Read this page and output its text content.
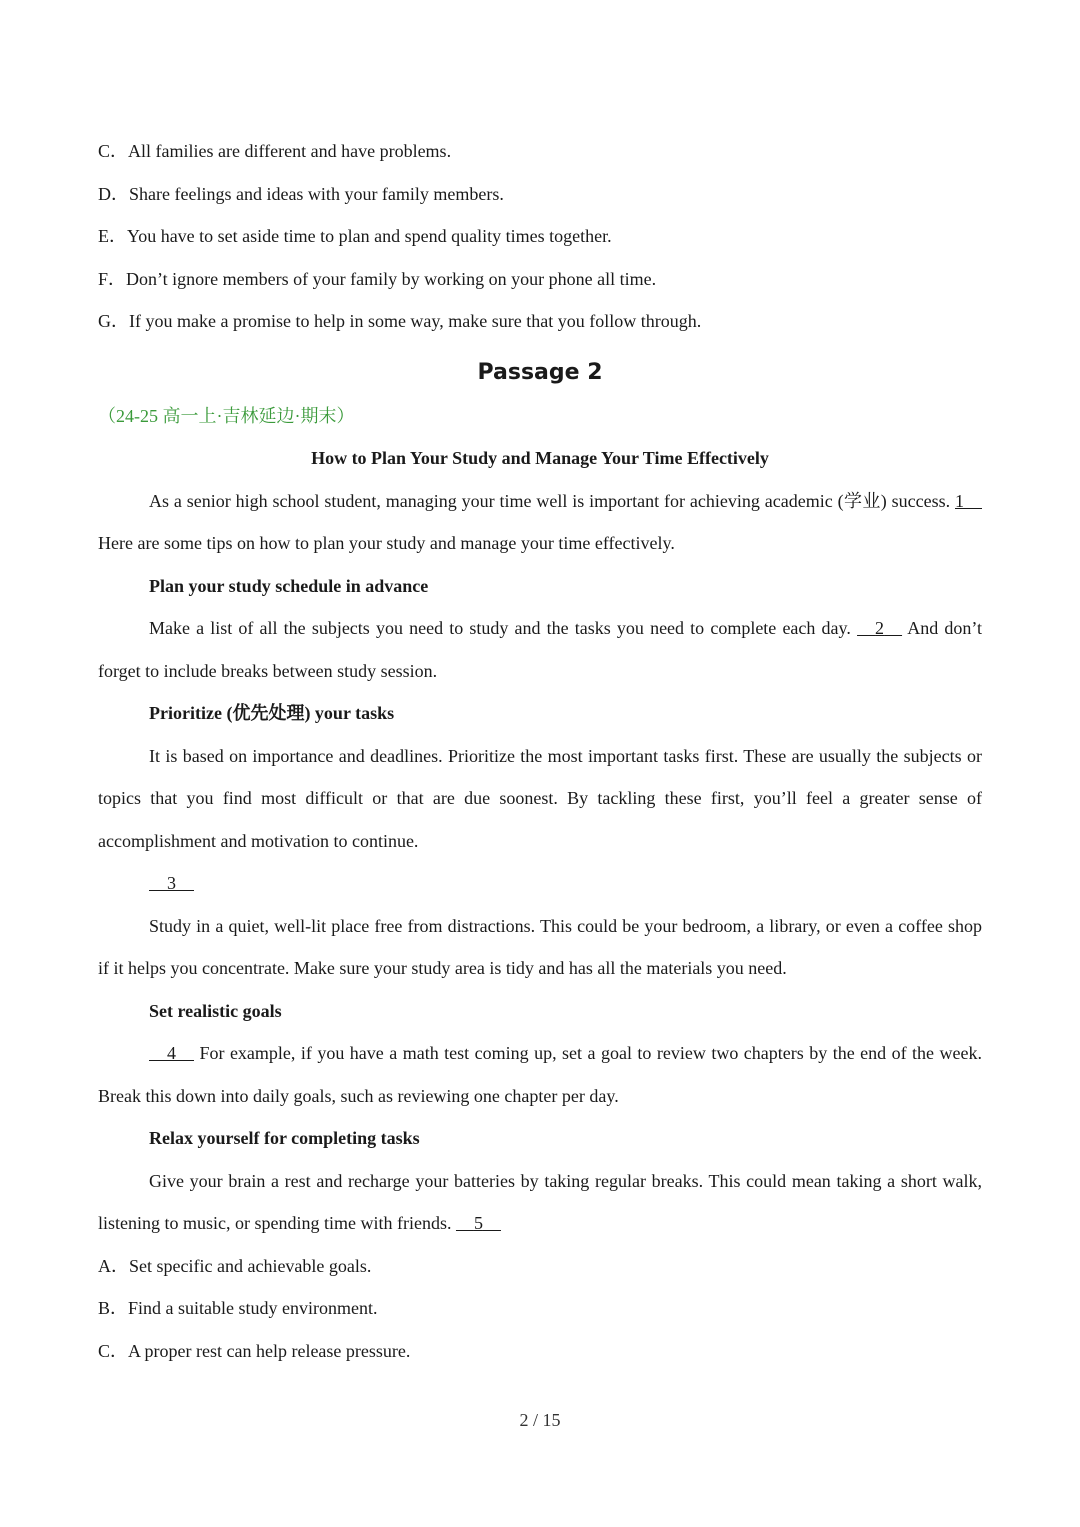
C．All families are different and have problems.

D．Share feelings and ideas with your family members.

E．You have to set aside time to plan and spend quality times together.

F．Don’t ignore members of your family by working on your phone all time.

G．If you make a promise to help in some way, make sure that you follow through.

Passage 2

（24-25 高一上·吉林延边·期末）

How to Plan Your Study and Manage Your Time Effectively

As a senior high school student, managing your time well is important for achieving academic (学业) success. 1     Here are some tips on how to plan your study and manage your time effectively.

Plan your study schedule in advance

Make a list of all the subjects you need to study and the tasks you need to complete each day. 2 And don’t forget to include breaks between study session.

Prioritize (优先处理) your tasks

It is based on importance and deadlines. Prioritize the most important tasks first. These are usually the subjects or topics that you find most difficult or that are due soonest. By tackling these first, you’ll feel a greater sense of accomplishment and motivation to continue.

3

Study in a quiet, well-lit place free from distractions. This could be your bedroom, a library, or even a coffee shop if it helps you concentrate. Make sure your study area is tidy and has all the materials you need.

Set realistic goals

4 For example, if you have a math test coming up, set a goal to review two chapters by the end of the week. Break this down into daily goals, such as reviewing one chapter per day.

Relax yourself for completing tasks

Give your brain a rest and recharge your batteries by taking regular breaks. This could mean taking a short walk, listening to music, or spending time with friends. 5

A．Set specific and achievable goals.

B．Find a suitable study environment.

C．A proper rest can help release pressure.

2 / 15
